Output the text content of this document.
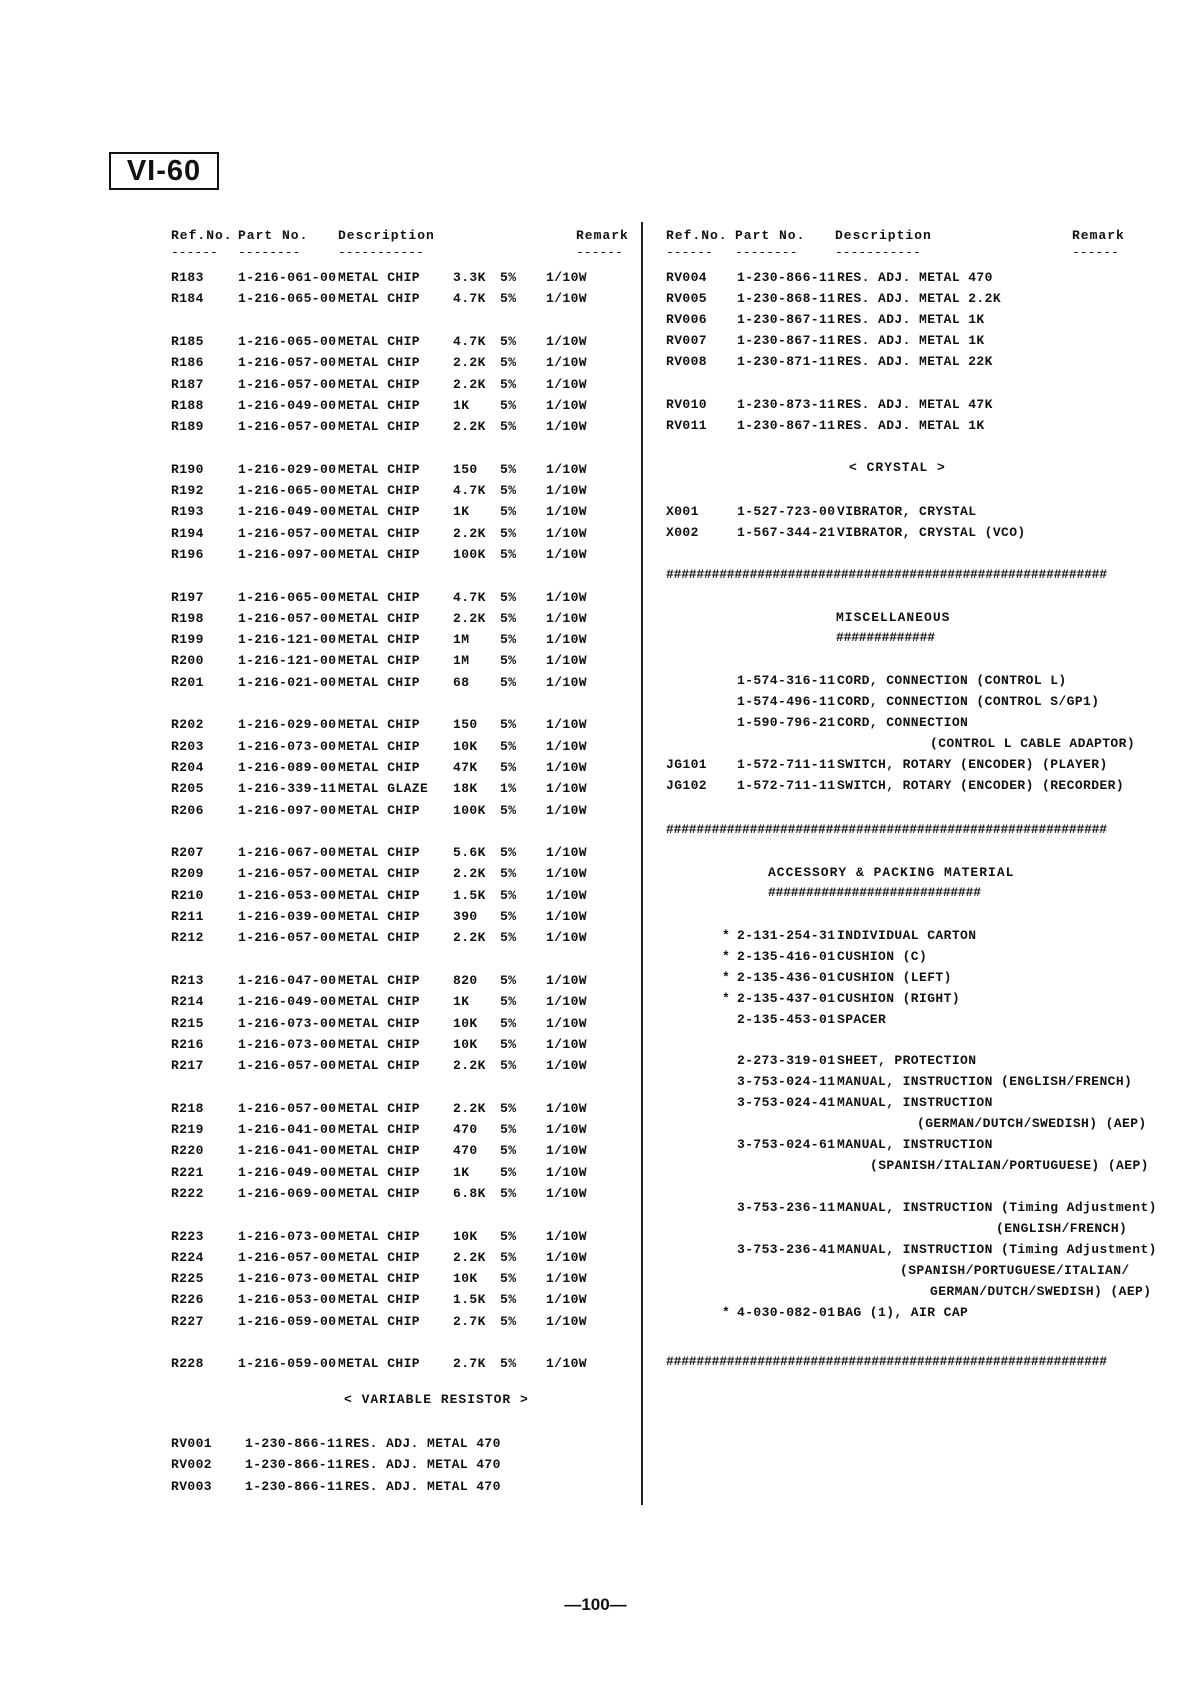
VI-60
Ref.No. Part No. Description	Remark
------ --------	-----------	------
R183	1-216-061-00 METAL CHIP	3.3K 5% 1/10W
R184	1-216-065-00 METAL CHIP	4.7K 5% 1/10W
R185	1-216-065-00 METAL CHIP	4.7K 5% 1/10W
R186	1-216-057-00 METAL CHIP	2.2K 5% 1/10W
R187	1-216-057-00 METAL CHIP	2.2K 5% 1/10W
R188	1-216-049-00 METAL CHIP	1K 5% 1/10W
R189	1-216-057-00 METAL CHIP	2.2K 5% 1/10W
R190	1-216-029-00 METAL CHIP	150 5% 1/10W
R192	1-216-065-00 METAL CHIP	4.7K 5% 1/10W
R193	1-216-049-00 METAL CHIP	1K 5% 1/10W
R194	1-216-057-00 METAL CHIP	2.2K 5% 1/10W
R196	1-216-097-00 METAL CHIP	100K 5% 1/10W
R197	1-216-065-00 METAL CHIP	4.7K 5% 1/10W
R198	1-216-057-00 METAL CHIP	2.2K 5% 1/10W
R199	1-216-121-00 METAL CHIP	1M 5% 1/10W
R200	1-216-121-00 METAL CHIP	1M 5% 1/10W
R201	1-216-021-00 METAL CHIP	68 5% 1/10W
R202	1-216-029-00 METAL CHIP	150 5% 1/10W
R203	1-216-073-00 METAL CHIP	10K 5% 1/10W
R204	1-216-089-00 METAL CHIP	47K 5% 1/10W
R205	1-216-339-11 METAL GLAZE 18K 1% 1/10W
R206	1-216-097-00 METAL CHIP	100K 5% 1/10W
R207	1-216-067-00 METAL CHIP	5.6K 5% 1/10W
R209	1-216-057-00 METAL CHIP	2.2K 5% 1/10W
R210	1-216-053-00 METAL CHIP	1.5K 5% 1/10W
R211	1-216-039-00 METAL CHIP	390 5% 1/10W
R212	1-216-057-00 METAL CHIP	2.2K 5% 1/10W
R213	1-216-047-00 METAL CHIP	820 5% 1/10W
R214	1-216-049-00 METAL CHIP	1K 5% 1/10W
R215	1-216-073-00 METAL CHIP	10K 5% 1/10W
R216	1-216-073-00 METAL CHIP	10K 5% 1/10W
R217	1-216-057-00 METAL CHIP	2.2K 5% 1/10W
R218	1-216-057-00 METAL CHIP	2.2K 5% 1/10W
R219	1-216-041-00 METAL CHIP	470 5% 1/10W
R220	1-216-041-00 METAL CHIP	470 5% 1/10W
R221	1-216-049-00 METAL CHIP	1K 5% 1/10W
R222	1-216-069-00 METAL CHIP	6.8K 5% 1/10W
R223	1-216-073-00 METAL CHIP	10K 5% 1/10W
R224	1-216-057-00 METAL CHIP	2.2K 5% 1/10W
R225	1-216-073-00 METAL CHIP	10K 5% 1/10W
R226	1-216-053-00 METAL CHIP	1.5K 5% 1/10W
R227	1-216-059-00 METAL CHIP	2.7K 5% 1/10W
R228	1-216-059-00 METAL CHIP	2.7K 5% 1/10W
< VARIABLE RESISTOR >
RV001	1-230-866-11 RES. ADJ. METAL 470
RV002	1-230-866-11 RES. ADJ. METAL 470
RV003	1-230-866-11 RES. ADJ. METAL 470
Ref.No. Part No. Description	Remark
------ --------	-----------	------
RV004 1-230-866-11 RES. ADJ. METAL 470
RV005 1-230-868-11 RES. ADJ. METAL 2.2K
RV006 1-230-867-11 RES. ADJ. METAL 1K
RV007 1-230-867-11 RES. ADJ. METAL 1K
RV008 1-230-871-11 RES. ADJ. METAL 22K
RV010 1-230-873-11 RES. ADJ. METAL 47K
RV011 1-230-867-11 RES. ADJ. METAL 1K
< CRYSTAL >
X001	1-527-723-00 VIBRATOR, CRYSTAL
X002	1-567-344-21 VIBRATOR, CRYSTAL (VCO)
##########################################################
MISCELLANEOUS
#############
1-574-316-11 CORD, CONNECTION (CONTROL L)
1-574-496-11 CORD, CONNECTION (CONTROL S/GP1)
1-590-796-21 CORD, CONNECTION
(CONTROL L CABLE ADAPTOR)
JG101 1-572-711-11 SWITCH, ROTARY (ENCODER) (PLAYER)
JG102 1-572-711-11 SWITCH, ROTARY (ENCODER) (RECORDER)
##########################################################
ACCESSORY & PACKING MATERIAL
############################
* 2-131-254-31 INDIVIDUAL CARTON
* 2-135-416-01 CUSHION (C)
* 2-135-436-01 CUSHION (LEFT)
* 2-135-437-01 CUSHION (RIGHT)
2-135-453-01 SPACER
2-273-319-01 SHEET, PROTECTION
3-753-024-11 MANUAL, INSTRUCTION (ENGLISH/FRENCH)
3-753-024-41 MANUAL, INSTRUCTION
(GERMAN/DUTCH/SWEDISH) (AEP)
3-753-024-61 MANUAL, INSTRUCTION
(SPANISH/ITALIAN/PORTUGUESE) (AEP)
3-753-236-11 MANUAL, INSTRUCTION (Timing Adjustment)
(ENGLISH/FRENCH)
3-753-236-41 MANUAL, INSTRUCTION (Timing Adjustment)
(SPANISH/PORTUGUESE/ITALIAN/
GERMAN/DUTCH/SWEDISH) (AEP)
* 4-030-082-01 BAG (1), AIR CAP
##########################################################
—100—
